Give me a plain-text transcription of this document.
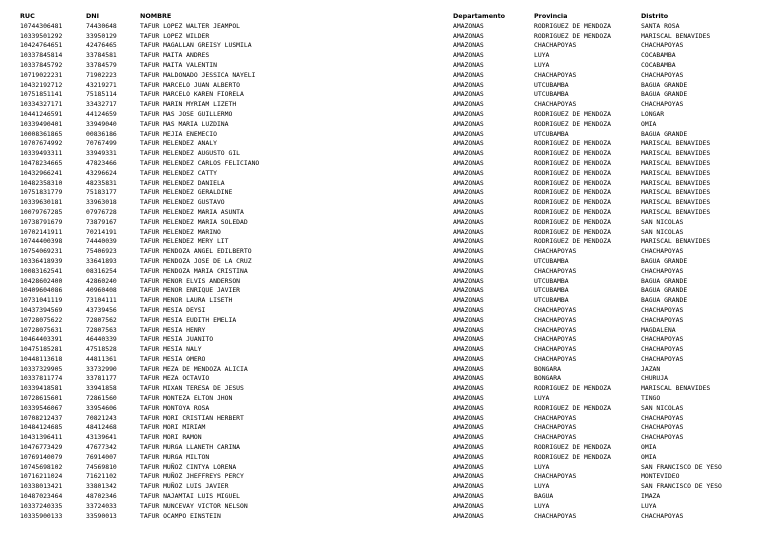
RUC	DNI	NOMBRE	Departamento	Provincia	Distrito
10744306481	74430648	TAFUR LOPEZ WALTER JEAMPOL	AMAZONAS	RODRIGUEZ DE MENDOZA	SANTA ROSA
10339501292	33950129	TAFUR LOPEZ WILDER	AMAZONAS	RODRIGUEZ DE MENDOZA	MARISCAL BENAVIDES
10424764651	42476465	TAFUR MAGALLAN GREISY LUSMILA	AMAZONAS	CHACHAPOYAS	CHACHAPOYAS
10337845814	33784581	TAFUR MAITA ANDRES	AMAZONAS	LUYA	COCABAMBA
10337845792	33784579	TAFUR MAITA VALENTIN	AMAZONAS	LUYA	COCABAMBA
10719022231	71902223	TAFUR MALDONADO JESSICA NAYELI	AMAZONAS	CHACHAPOYAS	CHACHAPOYAS
10432192712	43219271	TAFUR MARCELO JUAN ALBERTO	AMAZONAS	UTCUBAMBA	BAGUA GRANDE
10751851141	75185114	TAFUR MARCELO KAREN FIORELA	AMAZONAS	UTCUBAMBA	BAGUA GRANDE
10334327171	33432717	TAFUR MARIN MYRIAM LIZETH	AMAZONAS	CHACHAPOYAS	CHACHAPOYAS
10441246591	44124659	TAFUR MAS JOSE GUILLERMO	AMAZONAS	RODRIGUEZ DE MENDOZA	LONGAR
10339490401	33949040	TAFUR MAS MARIA LUZDINA	AMAZONAS	RODRIGUEZ DE MENDOZA	OMIA
10008361865	00836186	TAFUR MEJIA ENEMECIO	AMAZONAS	UTCUBAMBA	BAGUA GRANDE
10707674992	70767499	TAFUR MELENDEZ ANALY	AMAZONAS	RODRIGUEZ DE MENDOZA	MARISCAL BENAVIDES
10339493311	33949331	TAFUR MELENDEZ AUGUSTO GIL	AMAZONAS	RODRIGUEZ DE MENDOZA	MARISCAL BENAVIDES
10478234665	47823466	TAFUR MELENDEZ CARLOS FELICIANO	AMAZONAS	RODRIGUEZ DE MENDOZA	MARISCAL BENAVIDES
10432966241	43296624	TAFUR MELENDEZ CATTY	AMAZONAS	RODRIGUEZ DE MENDOZA	MARISCAL BENAVIDES
10482358310	48235831	TAFUR MELENDEZ DANIELA	AMAZONAS	RODRIGUEZ DE MENDOZA	MARISCAL BENAVIDES
10751831779	75183177	TAFUR MELENDEZ GERALDINE	AMAZONAS	RODRIGUEZ DE MENDOZA	MARISCAL BENAVIDES
10339630181	33963018	TAFUR MELENDEZ GUSTAVO	AMAZONAS	RODRIGUEZ DE MENDOZA	MARISCAL BENAVIDES
10079767285	07976728	TAFUR MELENDEZ MARIA ASUNTA	AMAZONAS	RODRIGUEZ DE MENDOZA	MARISCAL BENAVIDES
10738791679	73879167	TAFUR MELENDEZ MARIA SOLEDAD	AMAZONAS	RODRIGUEZ DE MENDOZA	SAN NICOLAS
10702141911	70214191	TAFUR MELENDEZ MARINO	AMAZONAS	RODRIGUEZ DE MENDOZA	SAN NICOLAS
10744400398	74440039	TAFUR MELENDEZ MERY LIT	AMAZONAS	RODRIGUEZ DE MENDOZA	MARISCAL BENAVIDES
10754069231	75406923	TAFUR MENDOZA ANGEL EDILBERTO	AMAZONAS	CHACHAPOYAS	CHACHAPOYAS
10336418939	33641893	TAFUR MENDOZA JOSE DE LA CRUZ	AMAZONAS	UTCUBAMBA	BAGUA GRANDE
10083162541	08316254	TAFUR MENDOZA MARIA CRISTINA	AMAZONAS	CHACHAPOYAS	CHACHAPOYAS
10428602400	42860240	TAFUR MENOR ELVIS ANDERSON	AMAZONAS	UTCUBAMBA	BAGUA GRANDE
10409604086	40960408	TAFUR MENOR ENRIQUE JAVIER	AMAZONAS	UTCUBAMBA	BAGUA GRANDE
10731041119	73104111	TAFUR MENOR LAURA LISETH	AMAZONAS	UTCUBAMBA	BAGUA GRANDE
10437394569	43739456	TAFUR MESIA DEYSI	AMAZONAS	CHACHAPOYAS	CHACHAPOYAS
10728075622	72807562	TAFUR MESIA EUDITH EMELIA	AMAZONAS	CHACHAPOYAS	CHACHAPOYAS
10728075631	72807563	TAFUR MESIA HENRY	AMAZONAS	CHACHAPOYAS	MAGDALENA
10464403391	46440339	TAFUR MESIA JUANITO	AMAZONAS	CHACHAPOYAS	CHACHAPOYAS
10475185281	47518528	TAFUR MESIA NALY	AMAZONAS	CHACHAPOYAS	CHACHAPOYAS
10448113618	44811361	TAFUR MESIA OMERO	AMAZONAS	CHACHAPOYAS	CHACHAPOYAS
10337329905	33732990	TAFUR MEZA DE MENDOZA ALICIA	AMAZONAS	BONGARA	JAZAN
10337811774	33781177	TAFUR MEZA OCTAVIO	AMAZONAS	BONGARA	CHURUJA
10339418581	33941858	TAFUR MIXAN TERESA DE JESUS	AMAZONAS	RODRIGUEZ DE MENDOZA	MARISCAL BENAVIDES
10728615601	72861560	TAFUR MONTEZA ELTON JHON	AMAZONAS	LUYA	TINGO
10339546067	33954606	TAFUR MONTOYA ROSA	AMAZONAS	RODRIGUEZ DE MENDOZA	SAN NICOLAS
10708212437	70821243	TAFUR MORI CRISTIAN HERBERT	AMAZONAS	CHACHAPOYAS	CHACHAPOYAS
10484124685	48412468	TAFUR MORI MIRIAM	AMAZONAS	CHACHAPOYAS	CHACHAPOYAS
10431396411	43139641	TAFUR MORI RAMON	AMAZONAS	CHACHAPOYAS	CHACHAPOYAS
10476773429	47677342	TAFUR MURGA LLANETH CARINA	AMAZONAS	RODRIGUEZ DE MENDOZA	OMIA
10769140079	76914007	TAFUR MURGA MILTON	AMAZONAS	RODRIGUEZ DE MENDOZA	OMIA
10745698102	74569810	TAFUR MUÑOZ CINTYA LORENA	AMAZONAS	LUYA	SAN FRANCISCO DE YESO
10716211024	71621102	TAFUR MUÑOZ JHEFFREYS PERCY	AMAZONAS	CHACHAPOYAS	MONTEVIDEO
10338013421	33801342	TAFUR MUÑOZ LUIS JAVIER	AMAZONAS	LUYA	SAN FRANCISCO DE YESO
10487023464	48702346	TAFUR NAJAMTAI LUIS MIGUEL	AMAZONAS	BAGUA	IMAZA
10337240335	33724033	TAFUR NUNCEVAY VICTOR NELSON	AMAZONAS	LUYA	LUYA
10335900133	33590013	TAFUR OCAMPO EINSTEIN	AMAZONAS	CHACHAPOYAS	CHACHAPOYAS
